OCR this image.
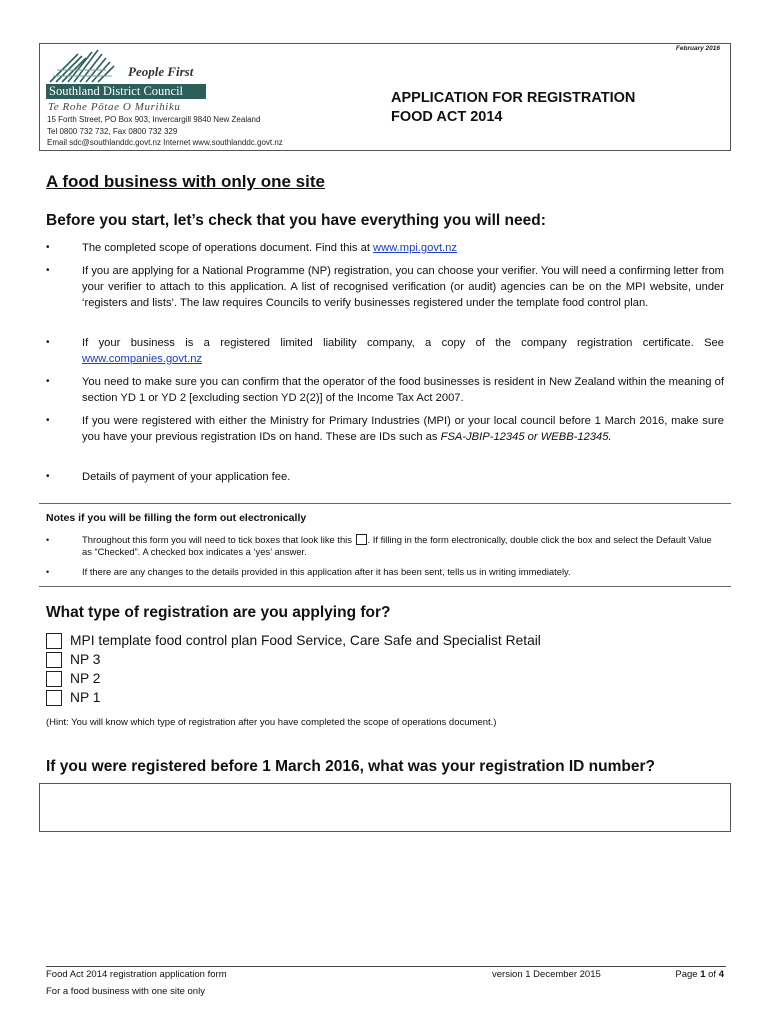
February 2016
People First
Southland District Council
Te Rohe Pōtae O Murihiku
15 Forth Street, PO Box 903, Invercargill 9840 New Zealand
Tel 0800 732 732, Fax 0800 732 329
Email sdc@southlanddc.govt.nz Internet www.southlanddc.govt.nz
APPLICATION FOR REGISTRATION
FOOD ACT 2014
A food business with only one site
Before you start, let’s check that you have everything you will need:
•	The completed scope of operations document. Find this at www.mpi.govt.nz
•	If you are applying for a National Programme (NP) registration, you can choose your verifier. You will need a confirming letter from your verifier to attach to this application. A list of recognised verification (or audit) agencies can be on the MPI website, under ‘registers and lists’. The law requires Councils to verify businesses registered under the template food control plan.
•	If your business is a registered limited liability company, a copy of the company registration certificate. See www.companies.govt.nz
•	You need to make sure you can confirm that the operator of the food businesses is resident in New Zealand within the meaning of section YD 1 or YD 2 [excluding section YD 2(2)] of the Income Tax Act 2007.
•	If you were registered with either the Ministry for Primary Industries (MPI) or your local council before 1 March 2016, make sure you have your previous registration IDs on hand. These are IDs such as FSA-JBIP-12345 or WEBB-12345.
•	Details of payment of your application fee.
Notes if you will be filling the form out electronically
•	Throughout this form you will need to tick boxes that look like this . If filling in the form electronically, double click the box and select the Default Value as “Checked”. A checked box indicates a ‘yes’ answer.
•	If there are any changes to the details provided in this application after it has been sent, tells us in writing immediately.
What type of registration are you applying for?
MPI template food control plan Food Service, Care Safe and Specialist Retail
NP 3
NP 2
NP 1
(Hint: You will know which type of registration after you have completed the scope of operations document.)
If you were registered before 1 March 2016, what was your registration ID number?
Food Act 2014 registration application form
For a food business with one site only
version 1 December 2015	Page 1 of 4
